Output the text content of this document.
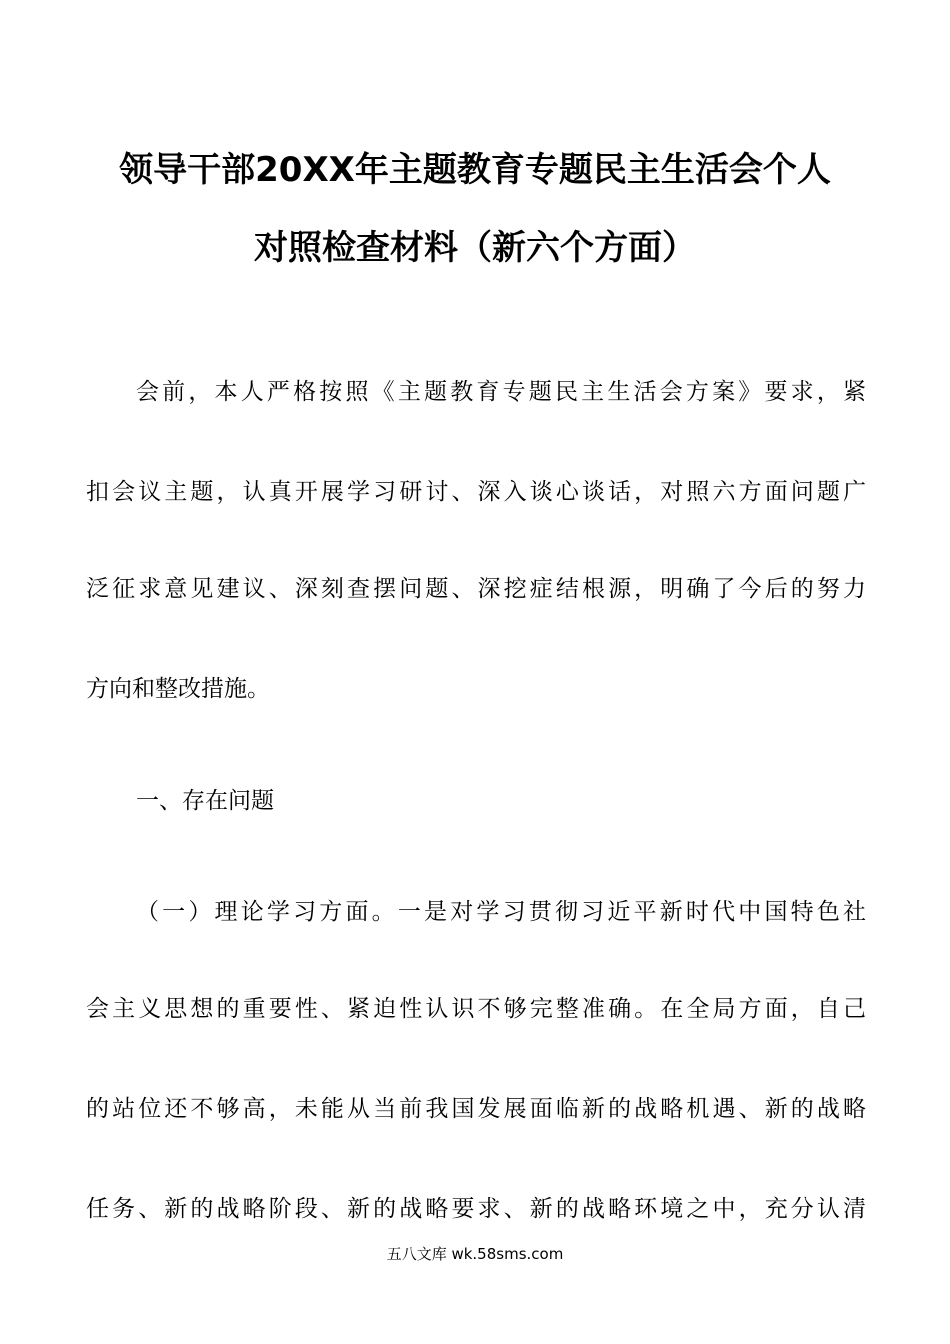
领导干部20XX年主题教育专题民主生活会个人
对照检查材料（新六个方面）

会前，本人严格按照《主题教育专题民主生活会方案》要求，紧

扣会议主题，认真开展学习研讨、深入谈心谈话，对照六方面问题广

泛征求意见建议、深刻查摆问题、深挖症结根源，明确了今后的努力

方向和整改措施。

一、存在问题

（一）理论学习方面。一是对学习贯彻习近平新时代中国特色社

会主义思想的重要性、紧迫性认识不够完整准确。在全局方面，自己

的站位还不够高，未能从当前我国发展面临新的战略机遇、新的战略

任务、新的战略阶段、新的战略要求、新的战略环境之中，充分认清

五八文库 wk.58sms.com
